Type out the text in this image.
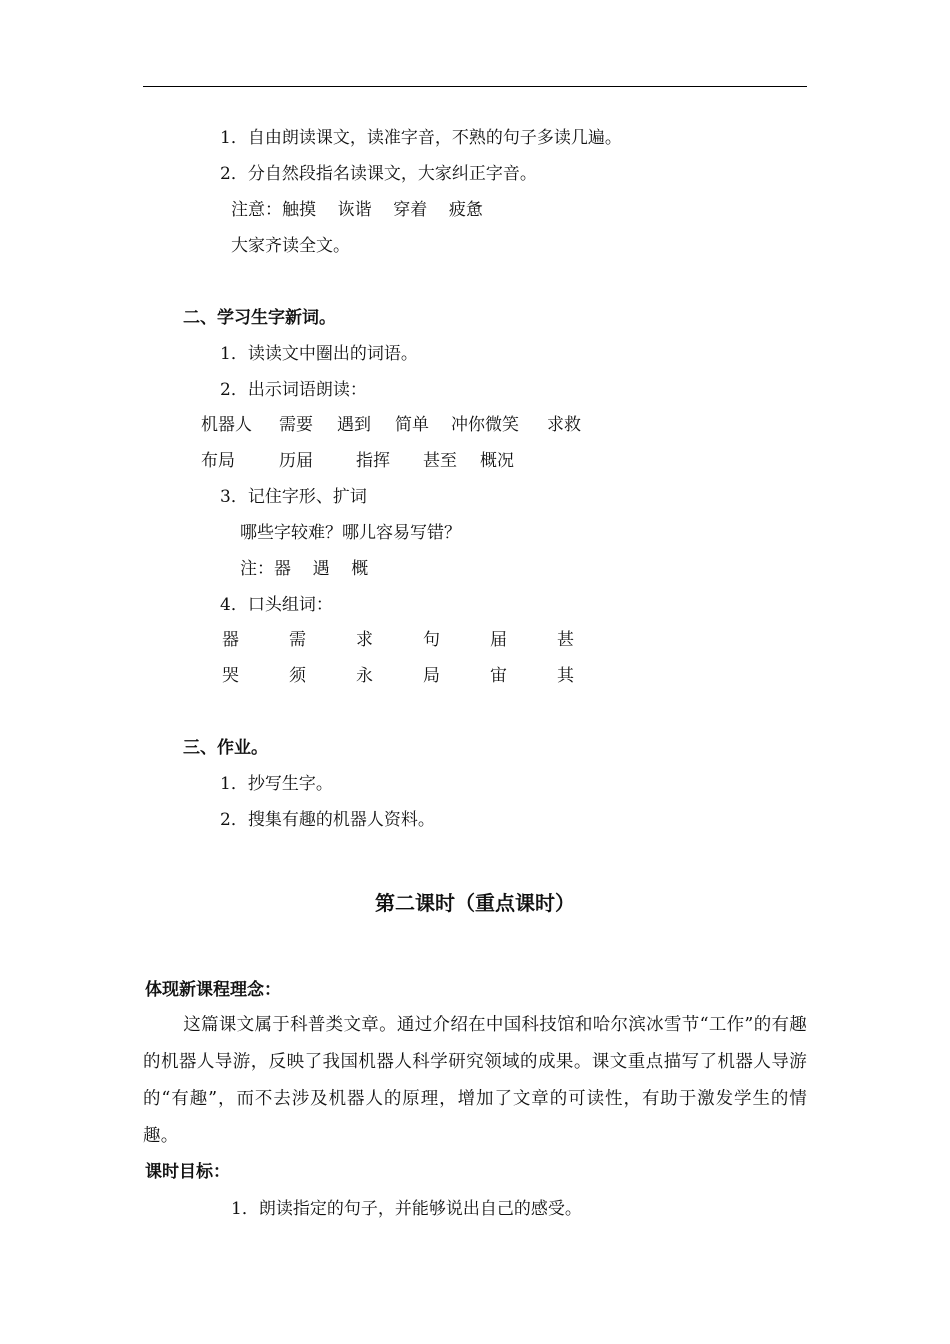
1．自由朗读课文，读准字音，不熟的句子多读几遍。
2．分自然段指名读课文，大家纠正字音。
注意：触摸    诙谐    穿着    疲惫
大家齐读全文。
二、学习生字新词。
1．读读文中圈出的词语。
2．出示词语朗读：
机器人 需要 遇到 简单 冲你微笑 求救
布局	历届	指挥 甚至 概况
3．记住字形、扩词
哪些字较难？哪儿容易写错？
注：器    遇    概
4．口头组词：
器	需	求	句	届	甚
哭	须	永	局	宙	其
三、作业。
1．抄写生字。
2．搜集有趣的机器人资料。
第二课时（重点课时）
体现新课程理念：
这篇课文属于科普类文章。通过介绍在中国科技馆和哈尔滨冰雪节“工作”的有趣的机器人导游，反映了我国机器人科学研究领域的成果。课文重点描写了机器人导游的“有趣”，而不去涉及机器人的原理，增加了文章的可读性，有助于激发学生的情趣。
课时目标：
1．朗读指定的句子，并能够说出自己的感受。
